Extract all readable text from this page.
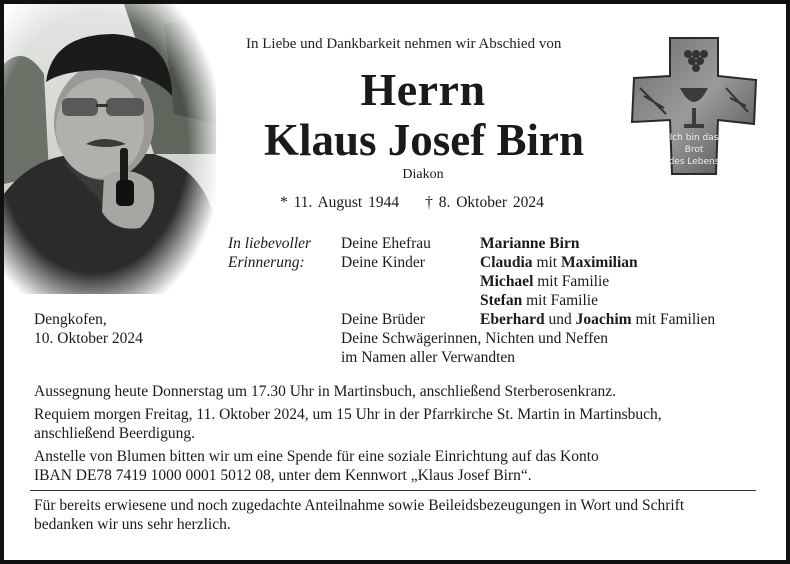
Ich bin das
Brot
des Lebens
In Liebe und Dankbarkeit nehmen wir Abschied von
Herrn
Klaus Josef Birn
Diakon
* 11. August 1944 † 8. Oktober 2024
In liebevoller
Erinnerung:
Deine Ehefrau	Marianne Birn
Deine Kinder	Claudia mit Maximilian
Michael mit Familie
Stefan mit Familie
Deine Brüder	Eberhard und Joachim mit Familien
Deine Schwägerinnen, Nichten und Neffen
im Namen aller Verwandten
Dengkofen,
10. Oktober 2024
Aussegnung heute Donnerstag um 17.30 Uhr in Martinsbuch, anschließend Sterberosenkranz.
Requiem morgen Freitag, 11. Oktober 2024, um 15 Uhr in der Pfarrkirche St. Martin in Martinsbuch,
anschließend Beerdigung.
Anstelle von Blumen bitten wir um eine Spende für eine soziale Einrichtung auf das Konto
IBAN DE78 7419 1000 0001 5012 08, unter dem Kennwort „Klaus Josef Birn“.
Für bereits erwiesene und noch zugedachte Anteilnahme sowie Beileidsbezeugungen in Wort und Schrift
bedanken wir uns sehr herzlich.
